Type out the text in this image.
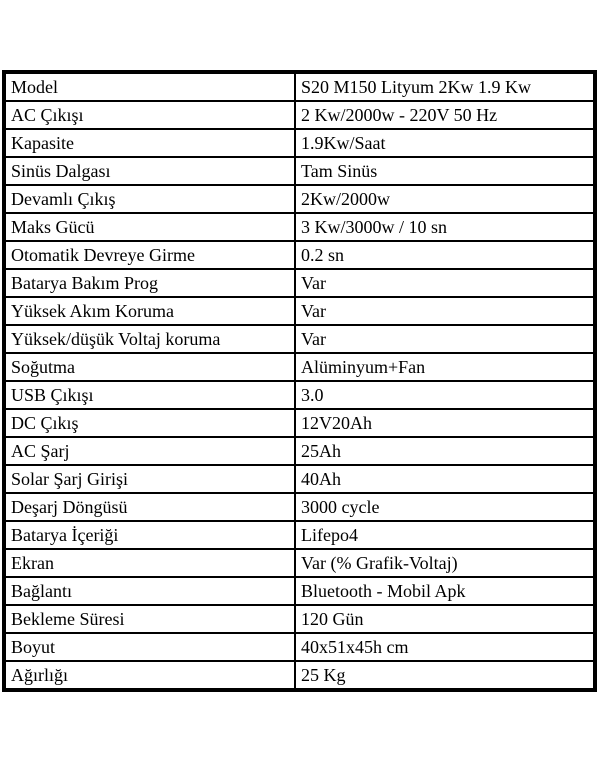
Model	S20 M150 Lityum 2Kw 1.9 Kw
AC Çıkışı	2 Kw/2000w - 220V 50 Hz
Kapasite	1.9Kw/Saat
Sinüs Dalgası	Tam Sinüs
Devamlı Çıkış	2Kw/2000w
Maks Gücü	3 Kw/3000w / 10 sn
Otomatik Devreye Girme	0.2 sn
Batarya Bakım Prog	Var
Yüksek Akım Koruma	Var
Yüksek/düşük Voltaj koruma	Var
Soğutma	Alüminyum+Fan
USB Çıkışı	3.0
DC Çıkış	12V20Ah
AC Şarj	25Ah
Solar Şarj Girişi	40Ah
Deşarj Döngüsü	3000 cycle
Batarya İçeriği	Lifepo4
Ekran	Var (% Grafik-Voltaj)
Bağlantı	Bluetooth - Mobil Apk
Bekleme Süresi	120 Gün
Boyut	40x51x45h cm
Ağırlığı	25 Kg
